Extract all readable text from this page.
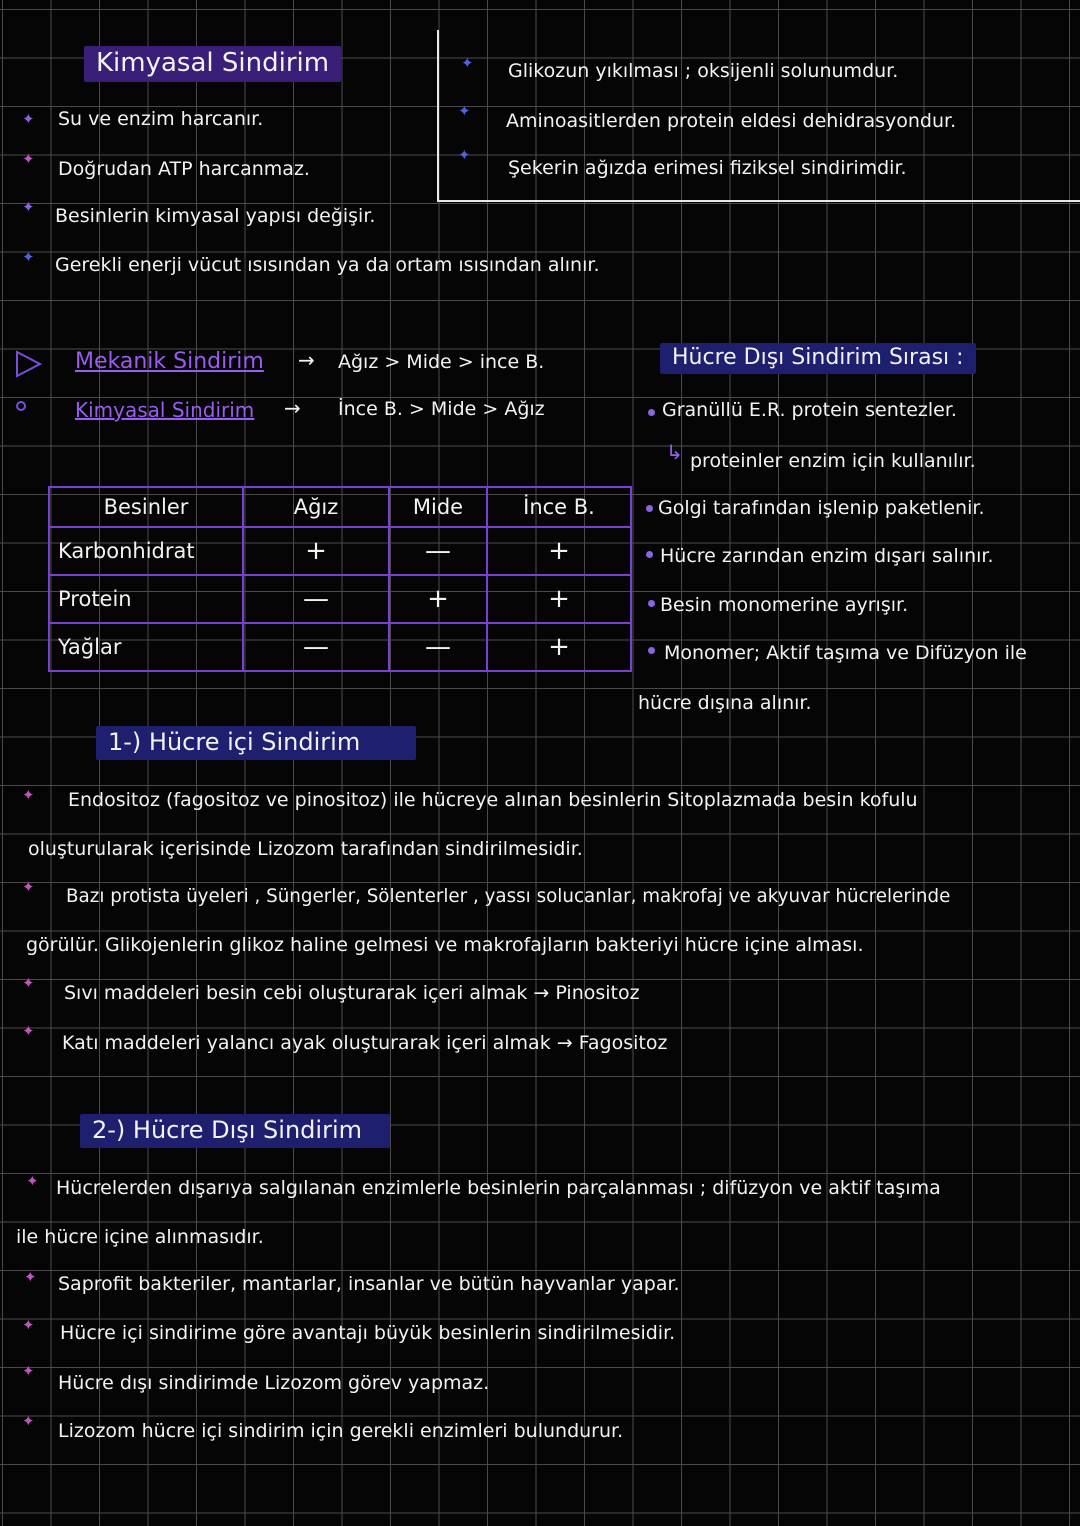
Kimyasal Sindirim
✦ Su ve enzim harcanır.
✦ Doğrudan ATP harcanmaz.
✦ Besinlerin kimyasal yapısı değişir.
✦ Gerekli enerji vücut ısısından ya da ortam ısısından alınır.
✦ Glikozun yıkılması ; oksijenli solunumdur.
✦ Aminoasitlerden protein eldesi dehidrasyondur.
✦
Şekerin ağızda erimesi fiziksel sindirimdir.
Mekanik Sindirim → Ağız > Mide > ince B.
Kimyasal Sindirim → İnce B. > Mide > Ağız
Besinler	Ağız	Mide	İnce B.
Karbonhidrat	+	—	+
Protein	—	+	+
Yağlar	—	—	+
Hücre Dışı Sindirim Sırası :
Granüllü E.R. protein sentezler.
↳ proteinler enzim için kullanılır.
Golgi tarafından işlenip paketlenir.
Hücre zarından enzim dışarı salınır.
Besin monomerine ayrışır.
Monomer; Aktif taşıma ve Difüzyon ile
hücre dışına alınır.
1-) Hücre içi Sindirim
✦ Endositoz (fagositoz ve pinositoz) ile hücreye alınan besinlerin Sitoplazmada besin kofulu
oluşturularak içerisinde Lizozom tarafından sindirilmesidir.
✦ Bazı protista üyeleri , Süngerler, Sölenterler , yassı solucanlar, makrofaj ve akyuvar hücrelerinde
görülür. Glikojenlerin glikoz haline gelmesi ve makrofajların bakteriyi hücre içine alması.
✦ Sıvı maddeleri besin cebi oluşturarak içeri almak → Pinositoz
✦
Katı maddeleri yalancı ayak oluşturarak içeri almak → Fagositoz
2-) Hücre Dışı Sindirim
✦ Hücrelerden dışarıya salgılanan enzimlerle besinlerin parçalanması ; difüzyon ve aktif taşıma
ile hücre içine alınmasıdır.
✦ Saprofit bakteriler, mantarlar, insanlar ve bütün hayvanlar yapar.
✦ Hücre içi sindirime göre avantajı büyük besinlerin sindirilmesidir.
✦
Hücre dışı sindirimde Lizozom görev yapmaz.
✦ Lizozom hücre içi sindirim için gerekli enzimleri bulundurur.
